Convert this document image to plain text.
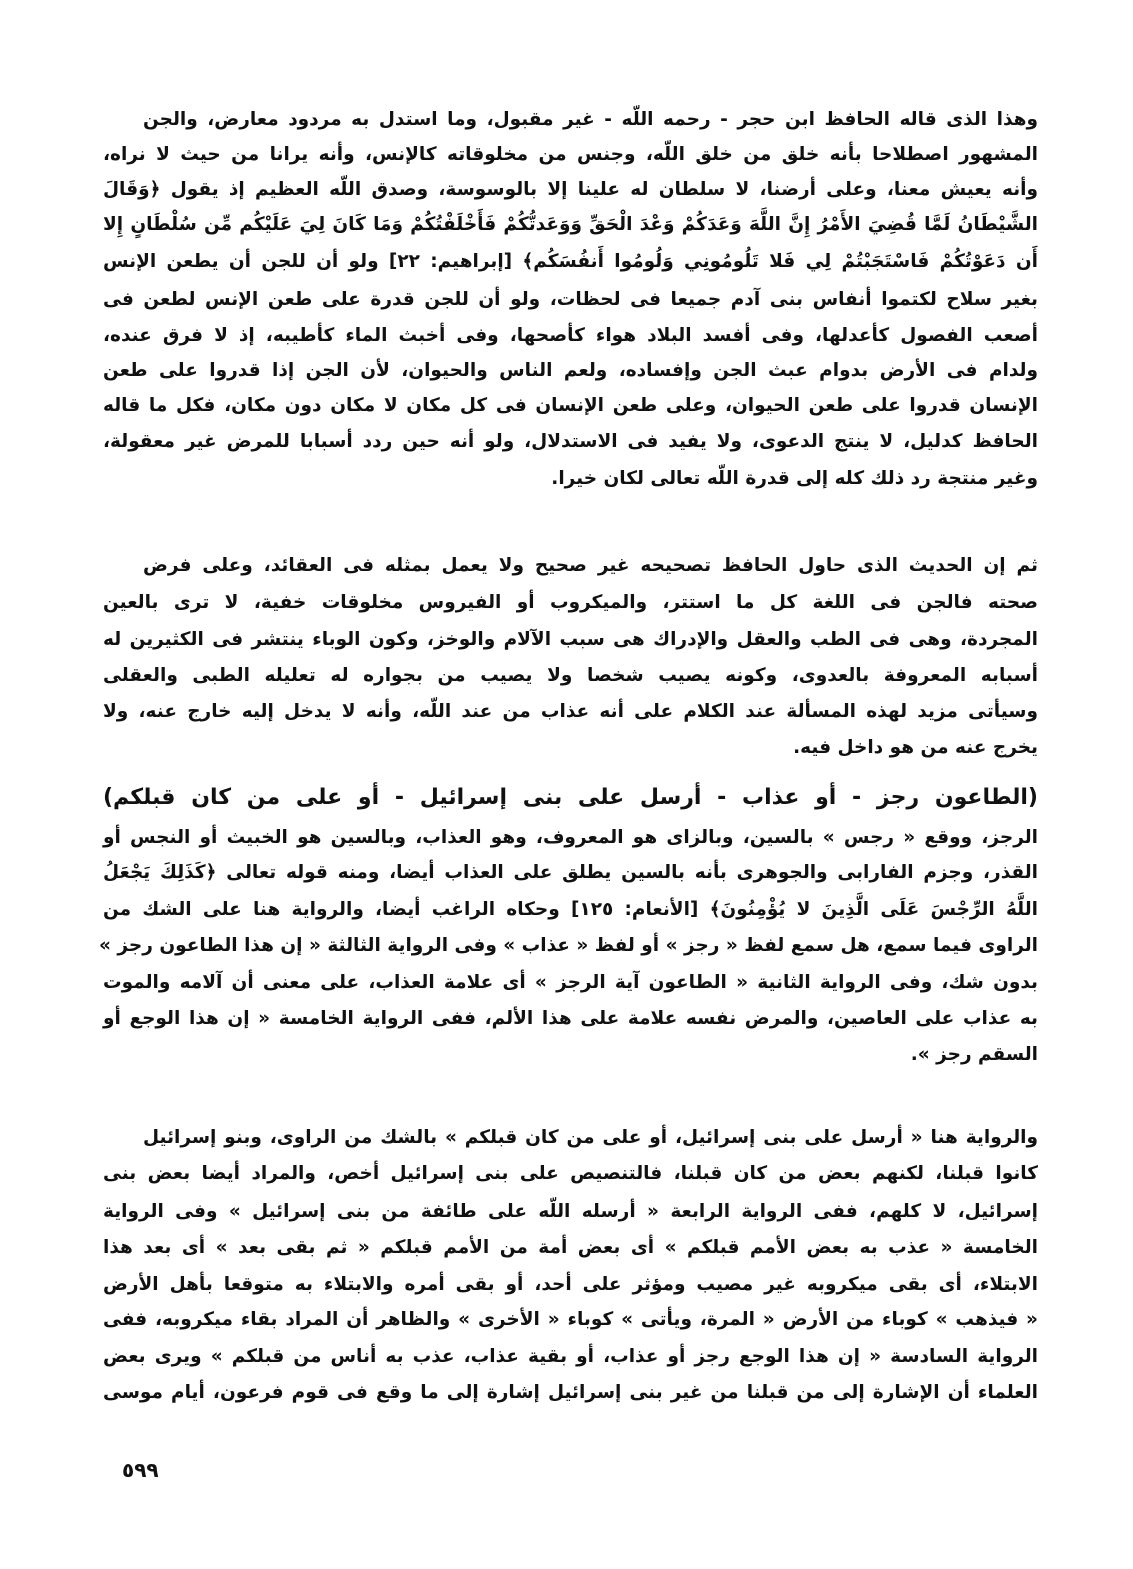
وهذا الذى قاله الحافظ ابن حجر - رحمه اللّه - غير مقبول، وما استدل به مردود معارض، والجن
المشهور اصطلاحا بأنه خلق من خلق اللّه، وجنس من مخلوقاته كالإنس، وأنه يرانا من حيث لا نراه،
وأنه يعيش معنا، وعلى أرضنا، لا سلطان له علينا إلا بالوسوسة، وصدق اللّه العظيم إذ يقول ﴿وَقَالَ
الشَّيْطَانُ لَمَّا قُضِيَ الأَمْرُ إِنَّ اللَّهَ وَعَدَكُمْ وَعْدَ الْحَقِّ وَوَعَدتُّكُمْ فَأَخْلَفْتُكُمْ وَمَا كَانَ لِيَ عَلَيْكُم مِّن سُلْطَانٍ إِلا
أَن دَعَوْتُكُمْ فَاسْتَجَبْتُمْ لِي فَلا تَلُومُونِي وَلُومُوا أَنفُسَكُم﴾ [إبراهيم: ٢٢] ولو أن للجن أن يطعن الإنس
بغير سلاح لكتموا أنفاس بنى آدم جميعا فى لحظات، ولو أن للجن قدرة على طعن الإنس لطعن فى
أصعب الفصول كأعدلها، وفى أفسد البلاد هواء كأصحها، وفى أخبث الماء كأطيبه، إذ لا فرق عنده،
ولدام فى الأرض بدوام عبث الجن وإفساده، ولعم الناس والحيوان، لأن الجن إذا قدروا على طعن
الإنسان قدروا على طعن الحيوان، وعلى طعن الإنسان فى كل مكان لا مكان دون مكان، فكل ما قاله
الحافظ كدليل، لا ينتج الدعوى، ولا يفيد فى الاستدلال، ولو أنه حين ردد أسبابا للمرض غير معقولة،
وغير منتجة رد ذلك كله إلى قدرة اللّه تعالى لكان خيرا.
ثم إن الحديث الذى حاول الحافظ تصحيحه غير صحيح ولا يعمل بمثله فى العقائد، وعلى فرض
صحته فالجن فى اللغة كل ما استتر، والميكروب أو الفيروس مخلوقات خفية، لا ترى بالعين
المجردة، وهى فى الطب والعقل والإدراك هى سبب الآلام والوخز، وكون الوباء ينتشر فى الكثيرين له
أسبابه المعروفة بالعدوى، وكونه يصيب شخصا ولا يصيب من بجواره له تعليله الطبى والعقلى
وسيأتى مزيد لهذه المسألة عند الكلام على أنه عذاب من عند اللّه، وأنه لا يدخل إليه خارج عنه، ولا
يخرج عنه من هو داخل فيه.
(الطاعون رجز - أو عذاب - أرسل على بنى إسرائيل - أو على من كان قبلكم)
الرجز، ووقع « رجس » بالسين، وبالزاى هو المعروف، وهو العذاب، وبالسين هو الخبيث أو النجس أو
القذر، وجزم الفارابى والجوهرى بأنه بالسين يطلق على العذاب أيضا، ومنه قوله تعالى ﴿كَذَلِكَ يَجْعَلُ
اللَّهُ الرِّجْسَ عَلَى الَّذِينَ لا يُؤْمِنُونَ﴾ [الأنعام: ١٢٥] وحكاه الراغب أيضا، والرواية هنا على الشك من
الراوى فيما سمع، هل سمع لفظ « رجز » أو لفظ « عذاب » وفى الرواية الثالثة « إن هذا الطاعون رجز »
بدون شك، وفى الرواية الثانية « الطاعون آية الرجز » أى علامة العذاب، على معنى أن آلامه والموت
به عذاب على العاصين، والمرض نفسه علامة على هذا الألم، ففى الرواية الخامسة « إن هذا الوجع أو
السقم رجز ».
والرواية هنا « أرسل على بنى إسرائيل، أو على من كان قبلكم » بالشك من الراوى، وبنو إسرائيل
كانوا قبلنا، لكنهم بعض من كان قبلنا، فالتنصيص على بنى إسرائيل أخص، والمراد أيضا بعض بنى
إسرائيل، لا كلهم، ففى الرواية الرابعة « أرسله اللّه على طائفة من بنى إسرائيل » وفى الرواية
الخامسة « عذب به بعض الأمم قبلكم » أى بعض أمة من الأمم قبلكم « ثم بقى بعد » أى بعد هذا
الابتلاء، أى بقى ميكروبه غير مصيب ومؤثر على أحد، أو بقى أمره والابتلاء به متوقعا بأهل الأرض
« فيذهب » كوباء من الأرض « المرة، ويأتى » كوباء « الأخرى » والظاهر أن المراد بقاء ميكروبه، ففى
الرواية السادسة « إن هذا الوجع رجز أو عذاب، أو بقية عذاب، عذب به أناس من قبلكم » ويرى بعض
العلماء أن الإشارة إلى من قبلنا من غير بنى إسرائيل إشارة إلى ما وقع فى قوم فرعون، أيام موسى
٥٩٩
